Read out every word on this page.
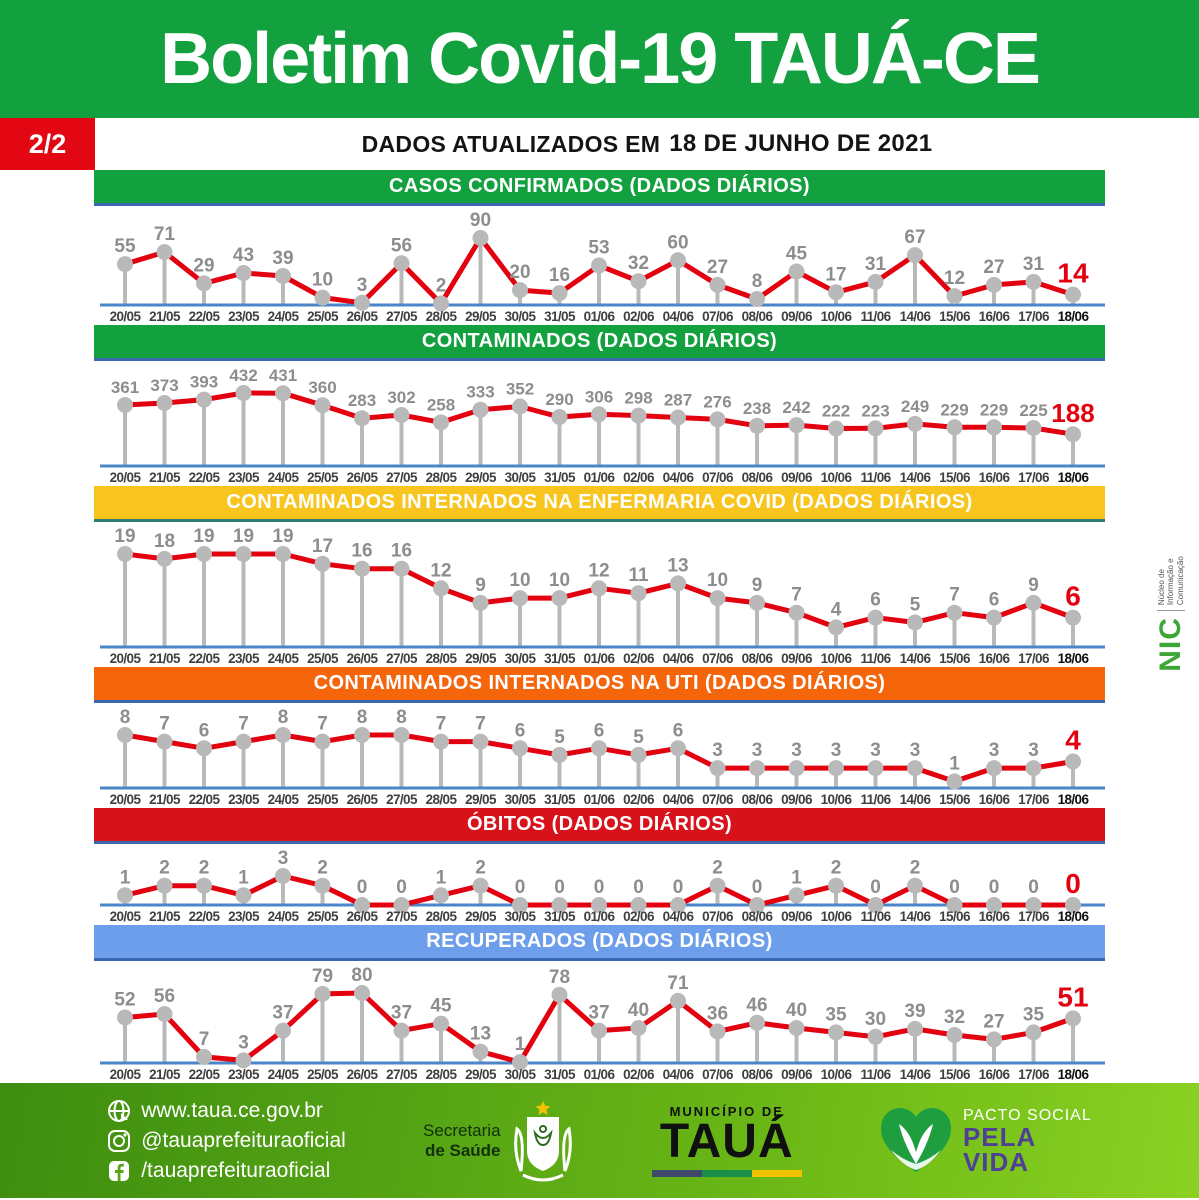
Boletim Covid-19 TAUÁ-CE
2/2	DADOS ATUALIZADOS EM 18 DE JUNHO DE 2021
CASOS CONFIRMADOS (DADOS DIÁRIOS)
55
71
29 43 39
10 3
56
2
90
20 16
53
32
60
27
8
45
17 31
67
12
27 31 14
20/05 21/05 22/05 23/05 24/05 25/05 26/05 27/05 28/05 29/05 30/05 31/05 01/06 02/06 04/06 07/06 08/06 09/06 10/06 11/06 14/06 15/06 16/06 17/06 18/06
CONTAMINADOS (DADOS DIÁRIOS)
361 373 393 432 431
360
283 302 258
333 352
290 306 298 287 276 238 242 222 223 249 229 229 225 188
20/05 21/05 22/05 23/05 24/05 25/05 26/05 27/05 28/05 29/05 30/05 31/05 01/06 02/06 04/06 07/06 08/06 09/06 10/06 11/06 14/06 15/06 16/06 17/06 18/06
CONTAMINADOS INTERNADOS NA ENFERMARIA COVID (DADOS DIÁRIOS)
19 18 19 19 19 17 16 16
12
9 10 10 12 11 13
10 9 7
4 6 5 7 6
9 6
20/05 21/05 22/05 23/05 24/05 25/05 26/05 27/05 28/05 29/05 30/05 31/05 01/06 02/06 04/06 07/06 08/06 09/06 10/06 11/06 14/06 15/06 16/06 17/06 18/06
CONTAMINADOS INTERNADOS NA UTI (DADOS DIÁRIOS)
8 7 6 7 8 7 8 8 7 7 6 5 6 5 6
3 3 3 3 3 3
1
3 3 4
20/05 21/05 22/05 23/05 24/05 25/05 26/05 27/05 28/05 29/05 30/05 31/05 01/06 02/06 04/06 07/06 08/06 09/06 10/06 11/06 14/06 15/06 16/06 17/06 18/06
ÓBITOS (DADOS DIÁRIOS)
1 2 2 1
3 2
0 0 1 2
0 0 0 0 0
2
0 1 2
0
2
0 0 0 0
20/05 21/05 22/05 23/05 24/05 25/05 26/05 27/05 28/05 29/05 30/05 31/05 01/06 02/06 04/06 07/06 08/06 09/06 10/06 11/06 14/06 15/06 16/06 17/06 18/06
RECUPERADOS (DADOS DIÁRIOS)
52 56
7 3
37
79 80
37 45
13 1
78
37 40
71
36 46 40 35 30 39 32 27 35
51
20/05 21/05 22/05 23/05 24/05 25/05 26/05 27/05 28/05 29/05 30/05 31/05 01/06 02/06 04/06 07/06 08/06 09/06 10/06 11/06 14/06 15/06 16/06 17/06 18/06
NIC
Núcleo de
Informação e
Comunicação
www.taua.ce.gov.br
@tauaprefeituraoficial
/tauaprefeituraoficial
Secretaria
de Saúde
MUNICÍPIO DE
TAUÁ	PACTO SOCIAL
PELA
VIDA
